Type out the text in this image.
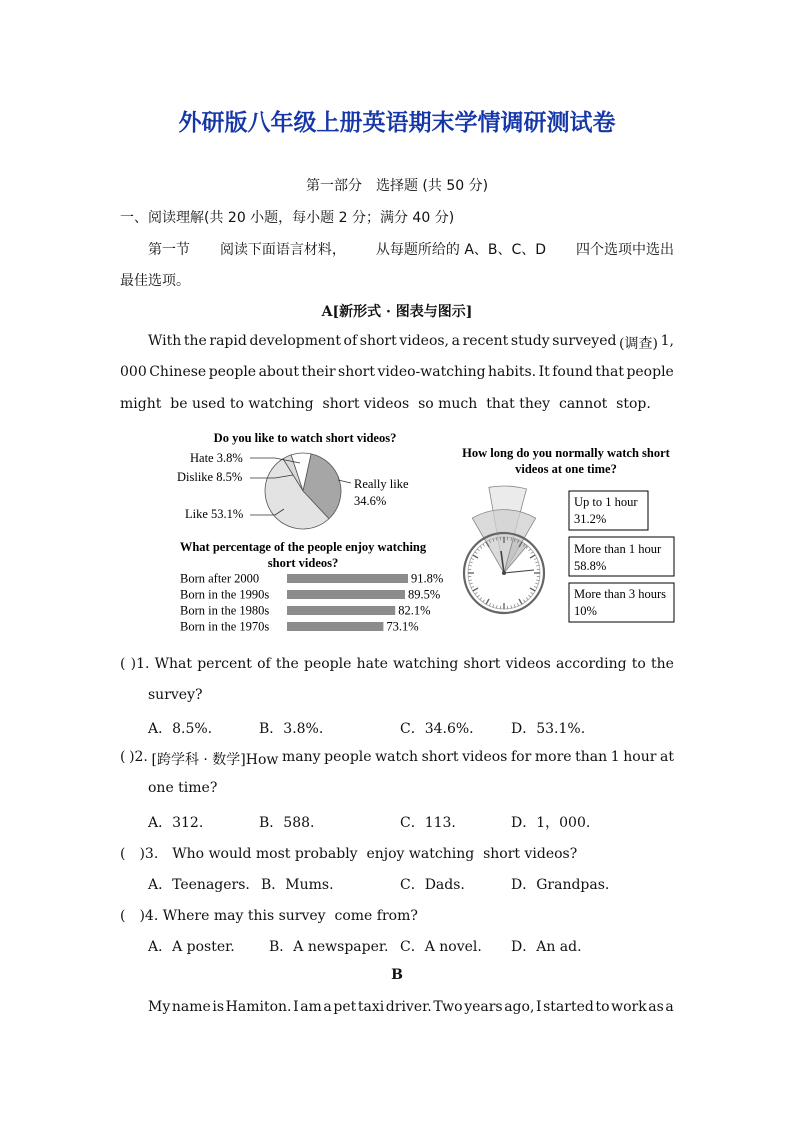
外研版八年级上册英语期末学情调研测试卷
第一部分　选择题 (共 50 分)
一、阅读理解(共 20 小题，每小题 2 分；满分 40 分)
第一节 阅读下面语言材料， 从每题所给的 A、B、C、D 四个选项中选出
最佳选项。
A[新形式 · 图表与图示]
With the rapid development of short videos, a recent study surveyed (调查) 1,
000 Chinese people about their short video-watching habits. It found that people
might  be used to watching  short videos  so much  that they  cannot  stop.
Do you like to watch short videos?
Hate 3.8%
Dislike 8.5%	Really like
34.6%
Like 53.1%
What percentage of the people enjoy watching
short videos?
Born after 2000	91.8%
Born in the 1990s	89.5%
Born in the 1980s	82.1%
Born in the 1970s	73.1%
How long do you normally watch short
videos at one time?
Up to 1 hour
31.2%
More than 1 hour
58.8%
More than 3 hours
10%
( )1. What percent of the people hate watching short videos according to the
survey?
A．8.5%.	B．3.8%.	C．34.6%.	D．53.1%.
( )2. [跨学科 · 数学]How many people watch short videos for more than 1 hour at
one time?
A．312.	B．588.	C．113.	D．1，000.
(　)3.　Who would most probably  enjoy watching  short videos?
A．Teenagers. B．Mums.	C．Dads.	D．Grandpas.
(　)4. Where may this survey  come from?
A．A poster. B．A newspaper. C．A novel. D．An ad.
B
My name is Hamiton. I am a pet taxi driver. Two years ago, I started to work as a
